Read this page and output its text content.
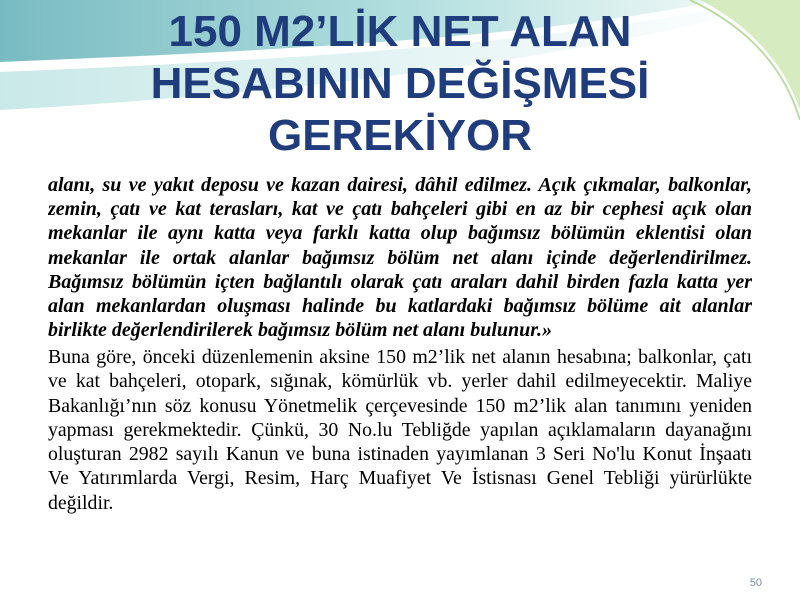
150 M2’LİK NET ALAN
HESABININ DEĞİŞMESİ
GEREKİYOR
alanı, su ve yakıt deposu ve kazan dairesi, dâhil edilmez. Açık çıkmalar, balkonlar,
zemin, çatı ve kat terasları, kat ve çatı bahçeleri gibi en az bir cephesi açık olan
mekanlar ile aynı katta veya farklı katta olup bağımsız bölümün eklentisi olan
mekanlar ile ortak alanlar bağımsız bölüm net alanı içinde değerlendirilmez.
Bağımsız bölümün içten bağlantılı olarak çatı araları dahil birden fazla katta yer
alan mekanlardan oluşması halinde bu katlardaki bağımsız bölüme ait alanlar
birlikte değerlendirilerek bağımsız bölüm net alanı bulunur.»
Buna göre, önceki düzenlemenin aksine 150 m2’lik net alanın hesabına; balkonlar, çatı
ve kat bahçeleri, otopark, sığınak, kömürlük vb. yerler dahil edilmeyecektir. Maliye
Bakanlığı’nın söz konusu Yönetmelik çerçevesinde 150 m2’lik alan tanımını yeniden
yapması gerekmektedir. Çünkü, 30 No.lu Tebliğde yapılan açıklamaların dayanağını
oluşturan 2982 sayılı Kanun ve buna istinaden yayımlanan 3 Seri No'lu Konut İnşaatı
Ve Yatırımlarda Vergi, Resim, Harç Muafiyet Ve İstisnası Genel Tebliği yürürlükte
değildir.
50
